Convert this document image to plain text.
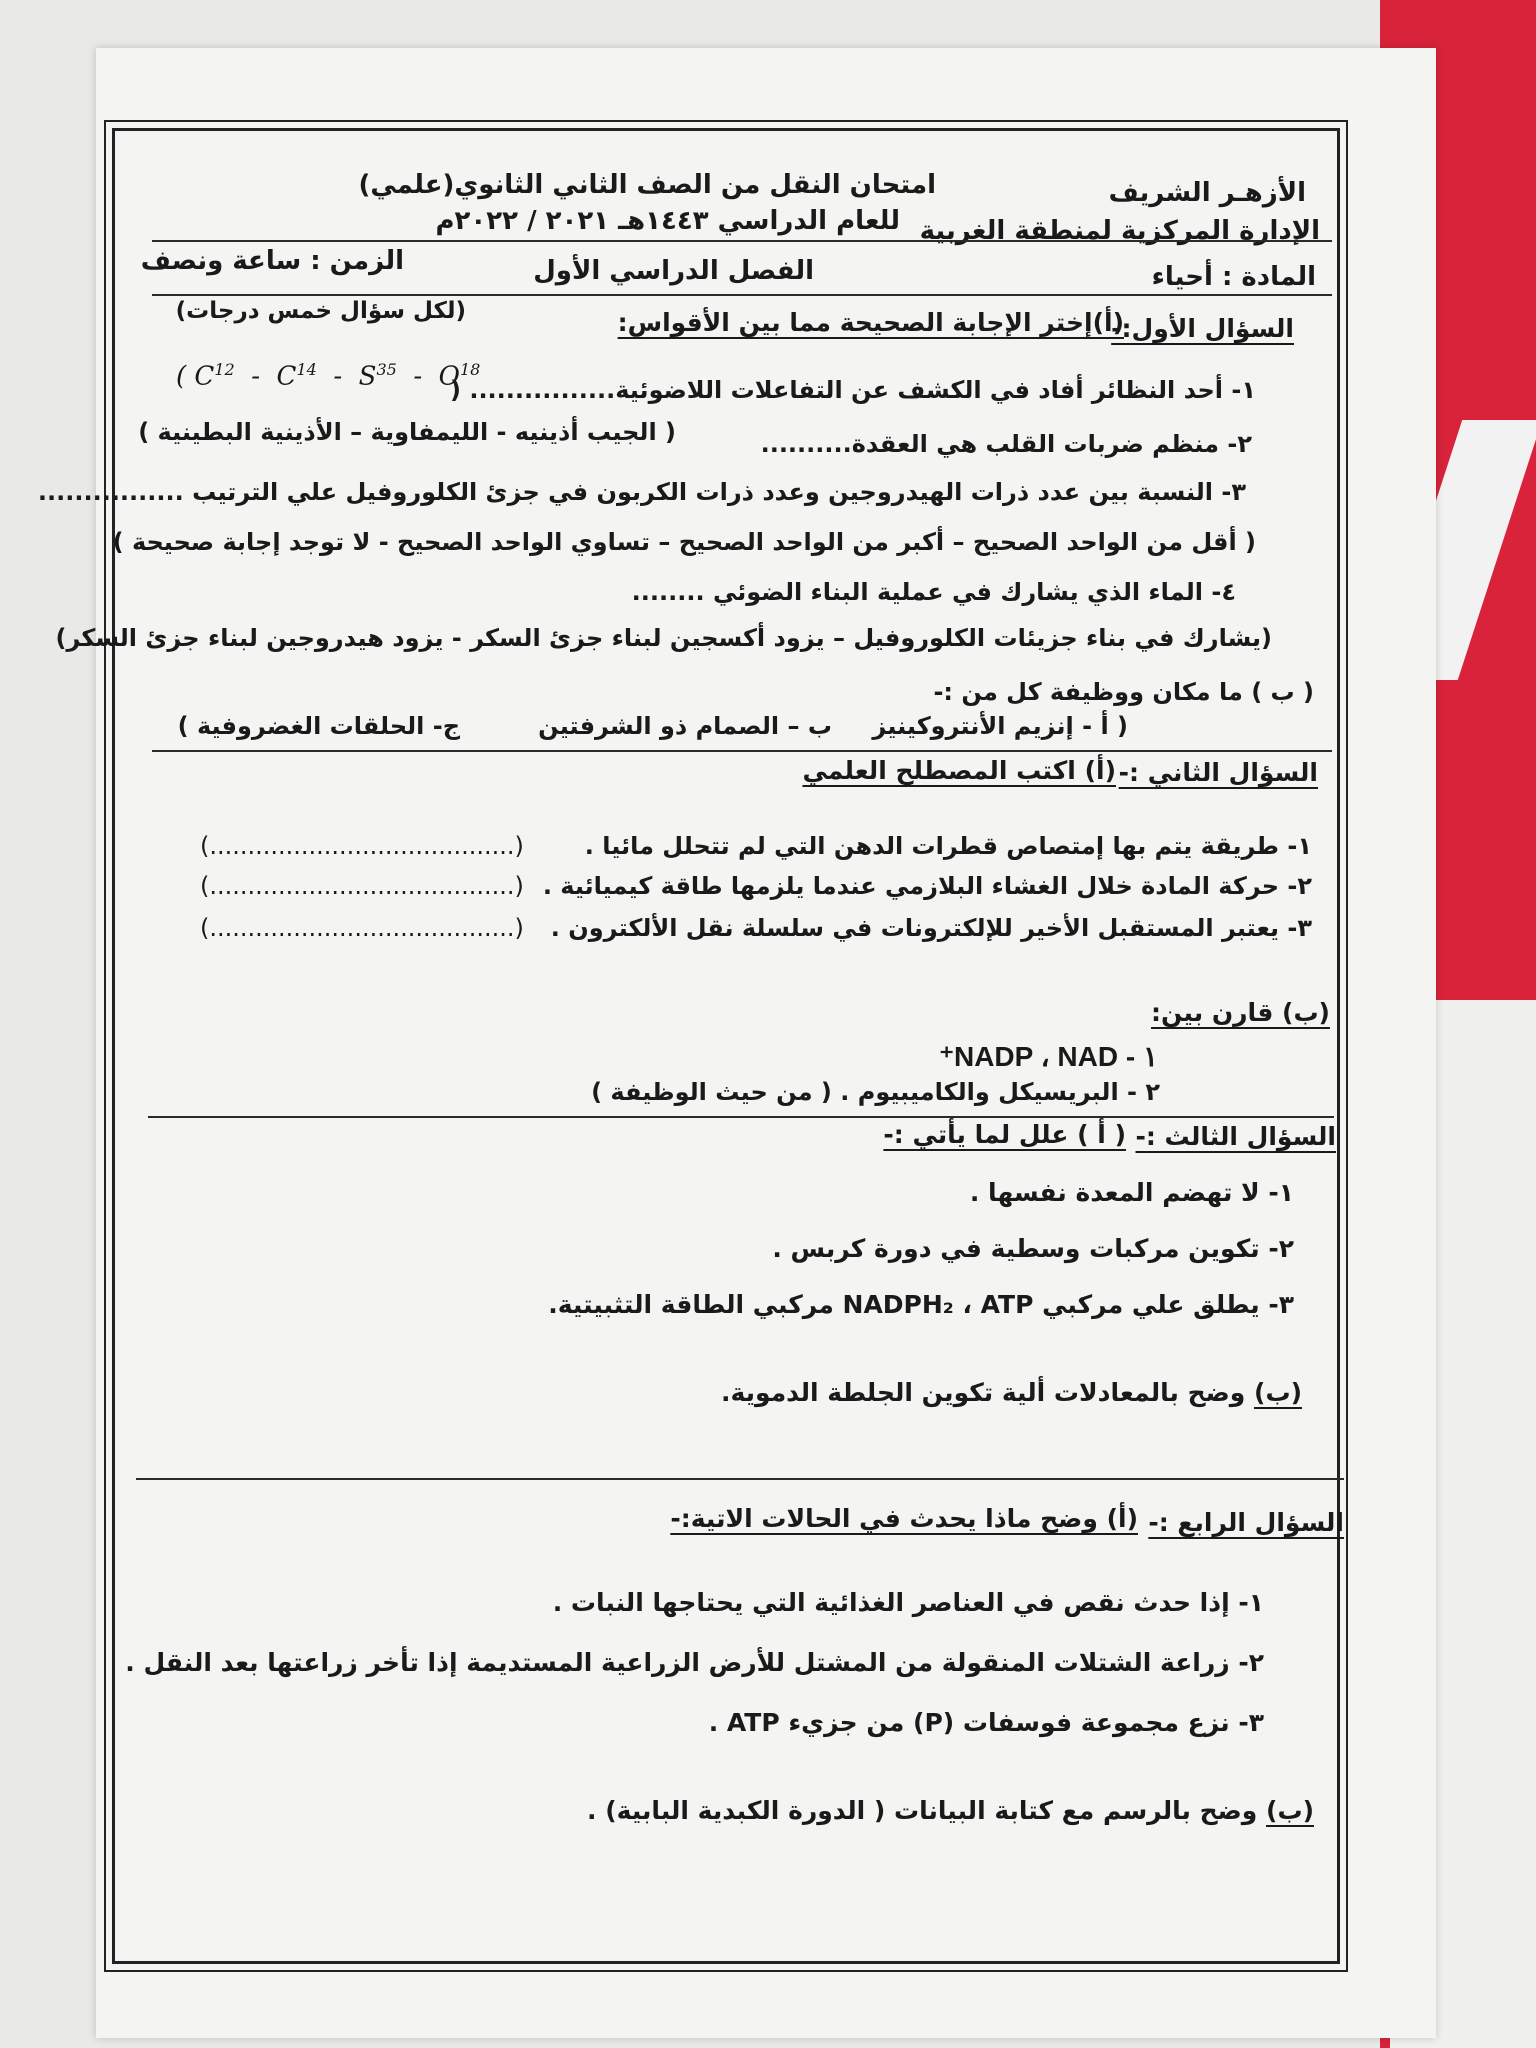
الأزهـر الشريف
الإدارة المركزية لمنطقة الغربية
امتحان النقل من الصف الثاني الثانوي(علمي)
للعام الدراسي ١٤٤٣هـ ٢٠٢١ / ٢٠٢٢م
المادة : أحياء
الفصل الدراسي الأول
الزمن : ساعة ونصف
السؤال الأول:-
(أ)إختر الإجابة الصحيحة مما بين الأقواس:
(لكل سؤال خمس درجات)
١- أحد النظائر أفاد في الكشف عن التفاعلات اللاضوئية................ (
( $C^{12} - C^{14} - S^{35} - O^{18}$
٢- منظم ضربات القلب هي العقدة..........
( الجيب أذينيه - الليمفاوية – الأذينية البطينية )
٣- النسبة بين عدد ذرات الهيدروجين وعدد ذرات الكربون في جزئ الكلوروفيل علي الترتيب ................
( أقل من الواحد الصحيح – أكبر من الواحد الصحيح – تساوي الواحد الصحيح - لا توجد إجابة صحيحة )
٤- الماء الذي يشارك في عملية البناء الضوئي ........
(يشارك في بناء جزيئات الكلوروفيل – يزود أكسجين لبناء جزئ السكر - يزود هيدروجين لبناء جزئ السكر)
( ب ) ما مكان ووظيفة كل من :-
( أ - إنزيم الأنتروكينيز
ب – الصمام ذو الشرفتين
ج- الحلقات الغضروفية )
السؤال الثاني :-
(أ) اكتب المصطلح العلمي
١- طريقة يتم بها إمتصاص قطرات الدهن التي لم تتحلل مائيا .
(........................................)
٢- حركة المادة خلال الغشاء البلازمي عندما يلزمها طاقة كيميائية .
(........................................)
٣- يعتبر المستقبل الأخير للإلكترونات في سلسلة نقل الألكترون .
(........................................)
(ب) قارن بين:
١ - NADP ، NAD⁺
٢ - البريسيكل والكاميبيوم . ( من حيث الوظيفة )
السؤال الثالث :-
( أ ) علل لما يأتي :-
١- لا تهضم المعدة نفسها .
٢- تكوين مركبات وسطية في دورة كربس .
٣- يطلق علي مركبي NADPH₂ ، ATP مركبي الطاقة التثبيتية.
(ب) وضح بالمعادلات ألية تكوين الجلطة الدموية.
السؤال الرابع :-
(أ) وضح ماذا يحدث في الحالات الاتية:-
١- إذا حدث نقص في العناصر الغذائية التي يحتاجها النبات .
٢- زراعة الشتلات المنقولة من المشتل للأرض الزراعية المستديمة إذا تأخر زراعتها بعد النقل .
٣- نزع مجموعة فوسفات (P) من جزيء ATP .
(ب) وضح بالرسم مع كتابة البيانات ( الدورة الكبدية البابية) .
